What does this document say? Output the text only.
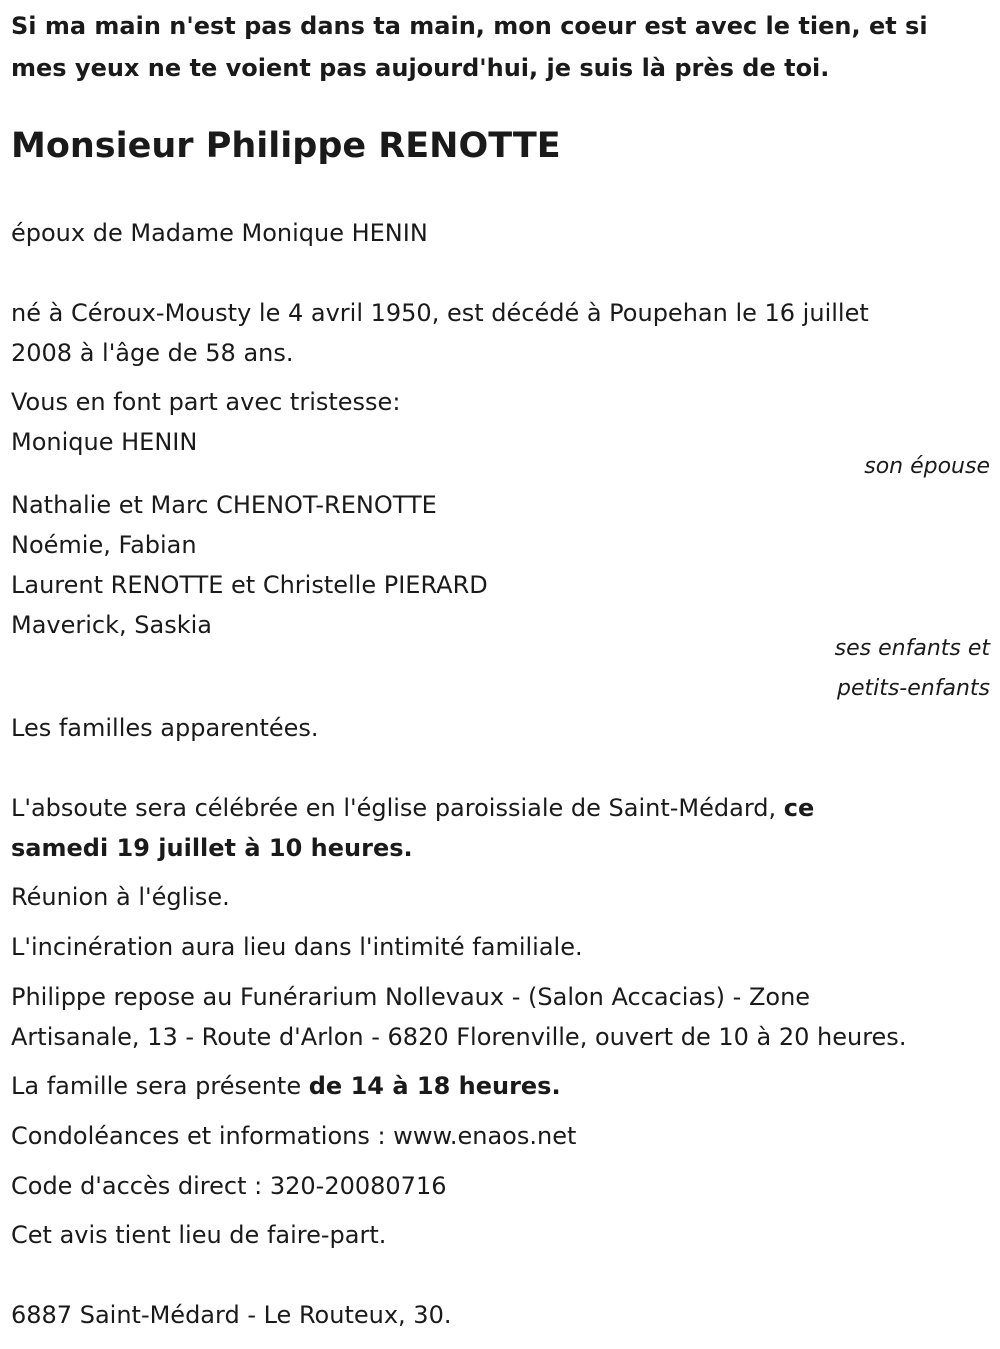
Si ma main n'est pas dans ta main, mon coeur est avec le tien, et si mes yeux ne te voient pas aujourd'hui, je suis là près de toi.

Monsieur Philippe RENOTTE

époux de Madame Monique HENIN

né à Céroux-Mousty le 4 avril 1950, est décédé à Poupehan le 16 juillet

2008 à l'âge de 58 ans.

Vous en font part avec tristesse:

Monique HENIN

son épouse

Nathalie et Marc CHENOT-RENOTTE

Noémie, Fabian

Laurent RENOTTE et Christelle PIERARD

Maverick, Saskia

ses enfants et

petits-enfants

Les familles apparentées.

L'absoute sera célébrée en l'église paroissiale de Saint-Médard, ce

samedi 19 juillet à 10 heures.

Réunion à l'église.

L'incinération aura lieu dans l'intimité familiale.

Philippe repose au Funérarium Nollevaux - (Salon Accacias) - Zone

Artisanale, 13 - Route d'Arlon - 6820 Florenville, ouvert de 10 à 20 heures.

La famille sera présente de 14 à 18 heures.

Condoléances et informations : www.enaos.net

Code d'accès direct : 320-20080716

Cet avis tient lieu de faire-part.

6887 Saint-Médard - Le Routeux, 30.
